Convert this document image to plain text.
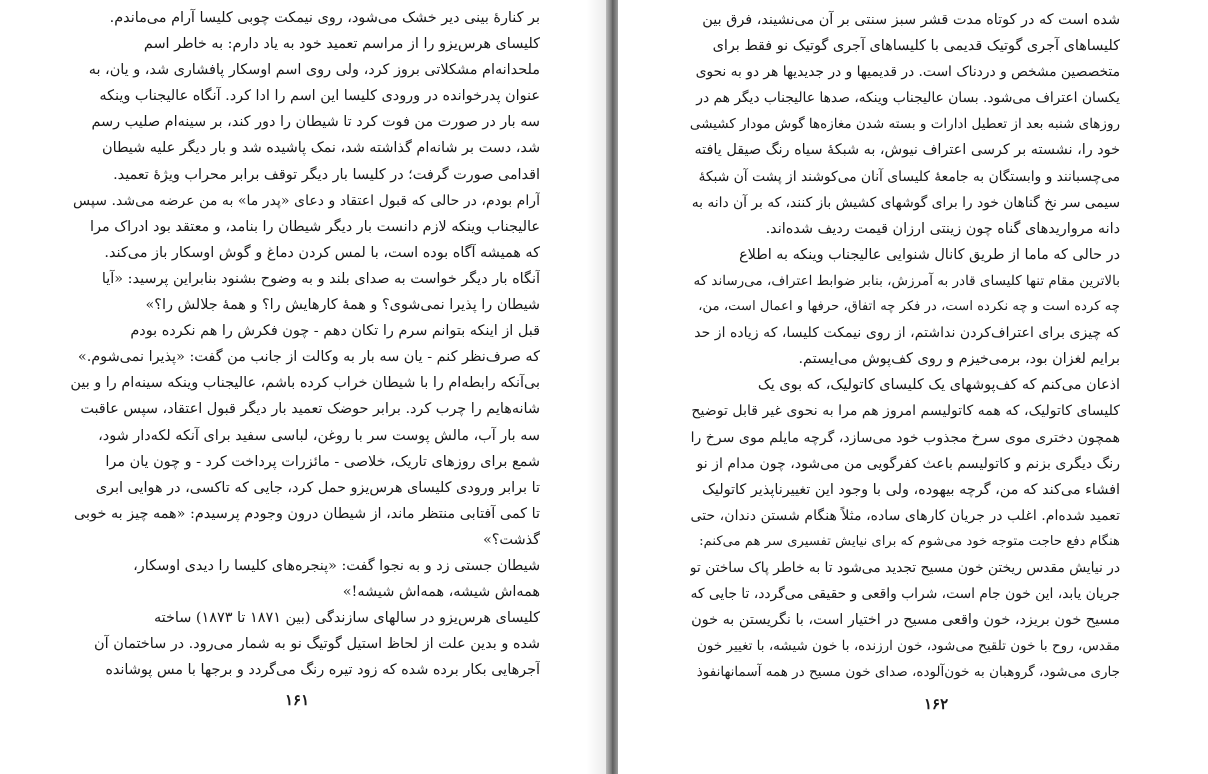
بر کنارهٔ بینی دیر خشک می‌شود، روی نیمکت چوبی کلیسا آرام می‌ماندم.
کلیسای هرس‌یزو را از مراسم تعمید خود به یاد دارم: به خاطر اسم
ملحدانه‌ام مشکلاتی بروز کرد، ولی روی اسم اوسکار پافشاری شد، و یان، به
عنوان پدرخوانده در ورودی کلیسا این اسم را ادا کرد. آنگاه عالیجناب وینکه
سه بار در صورت من فوت کرد تا شیطان را دور کند، بر سینه‌ام صلیب رسم
شد، دست بر شانه‌ام گذاشته شد، نمک پاشیده شد و بار دیگر علیه شیطان
اقدامی صورت گرفت؛ در کلیسا بار دیگر توقف برابر محراب ویژهٔ تعمید.
آرام بودم، در حالی که قبول اعتقاد و دعای «پدر ما» به من عرضه می‌شد. سپس
عالیجناب وینکه لازم دانست بار دیگر شیطان را بنامد، و معتقد بود ادراک مرا
که همیشه آگاه بوده است، با لمس کردن دماغ و گوش اوسکار باز می‌کند.
آنگاه بار دیگر خواست به صدای بلند و به وضوح بشنود بنابراین پرسید: «آیا
شیطان را پذیرا نمی‌شوی؟ و همهٔ کارهایش را؟ و همهٔ جلالش را؟»
قبل از اینکه بتوانم سرم را تکان دهم - چون فکرش را هم نکرده بودم
که صرف‌نظر کنم - یان سه بار به وکالت از جانب من گفت: «پذیرا نمی‌شوم.»
بی‌آنکه رابطه‌ام را با شیطان خراب کرده باشم، عالیجناب وینکه سینه‌ام را و بین
شانه‌هایم را چرب کرد. برابر حوضک تعمید بار دیگر قبول اعتقاد، سپس عاقبت
سه بار آب، مالش پوست سر با روغن، لباسی سفید برای آنکه لکه‌دار شود،
شمع برای روزهای تاریک، خلاصی - مائزرات پرداخت کرد - و چون یان مرا
تا برابر ورودی کلیسای هرس‌یزو حمل کرد، جایی که تاکسی، در هوایی ابری
تا کمی آفتابی منتظر ماند، از شیطان درون وجودم پرسیدم: «همه چیز به خوبی
گذشت؟»
شیطان جستی زد و به نجوا گفت: «پنجره‌های کلیسا را دیدی اوسکار،
همه‌اش شیشه، همه‌اش شیشه!»
کلیسای هرس‌یزو در سالهای سازندگی (بین ۱۸۷۱ تا ۱۸۷۳) ساخته
شده و بدین علت از لحاظ استیل گوتیگ نو به شمار می‌رود. در ساختمان آن
آجرهایی بکار برده شده که زود تیره رنگ می‌گردد و برجها با مس پوشانده
۱۶۱
شده است که در کوتاه مدت قشر سبز سنتی بر آن می‌نشیند، فرق بین
کلیساهای آجری گوتیک قدیمی با کلیساهای آجری گوتیک نو فقط برای
متخصصین مشخص و دردناک است. در قدیمیها و در جدیدیها هر دو به نحوی
یکسان اعتراف می‌شود. بسان عالیجناب وینکه، صدها عالیجناب دیگر هم در
روزهای شنبه بعد از تعطیل ادارات و بسته شدن مغازه‌ها گوش مودار کشیشی
خود را، نشسته بر کرسی اعتراف نیوش، به شبکهٔ سیاه رنگ صیقل یافته
می‌چسبانند و وابستگان به جامعهٔ کلیسای آنان می‌کوشند از پشت آن شبکهٔ
سیمی سر نخ گناهان خود را برای گوشهای کشیش باز کنند، که بر آن دانه به
دانه مرواریدهای گناه چون زینتی ارزان قیمت ردیف شده‌اند.
در حالی که ماما از طریق کانال شنوایی عالیجناب وینکه به اطلاع
بالاترین مقام تنها کلیسای قادر به آمرزش، بنابر ضوابط اعتراف، می‌رساند که
چه کرده است و چه نکرده است، در فکر چه اتفاق، حرفها و اعمال است، من،
که چیزی برای اعتراف‌کردن نداشتم، از روی نیمکت کلیسا، که زیاده از حد
برایم لغزان بود، برمی‌خیزم و روی کف‌پوش می‌ایستم.
اذعان می‌کنم که کف‌پوشهای یک کلیسای کاتولیک، که بوی یک
کلیسای کاتولیک، که همه کاتولیسم امروز هم مرا به نحوی غیر قابل توضیح
همچون دختری موی سرخ مجذوب خود می‌سازد، گرچه مایلم موی سرخ را
رنگ دیگری بزنم و کاتولیسم باعث کفرگویی من می‌شود، چون مدام از نو
افشاء می‌کند که من، گرچه بیهوده، ولی با وجود این تغییرناپذیر کاتولیک
تعمید شده‌ام. اغلب در جریان کارهای ساده، مثلاً هنگام شستن دندان، حتی
هنگام دفع حاجت متوجه خود می‌شوم که برای نیایش تفسیری سر هم می‌کنم:
در نیایش مقدس ریختن خون مسیح تجدید می‌شود تا به خاطر پاک ساختن تو
جریان یابد، این خون جام است، شراب واقعی و حقیقی می‌گردد، تا جایی که
مسیح خون بریزد، خون واقعی مسیح در اختیار است، با نگریستن به خون
مقدس، روح با خون تلقیح می‌شود، خون ارزنده، با خون شیشه، با تغییر خون
جاری می‌شود، گروهبان به خون‌آلوده، صدای خون مسیح در همه آسمانهانفوذ
۱۶۲
